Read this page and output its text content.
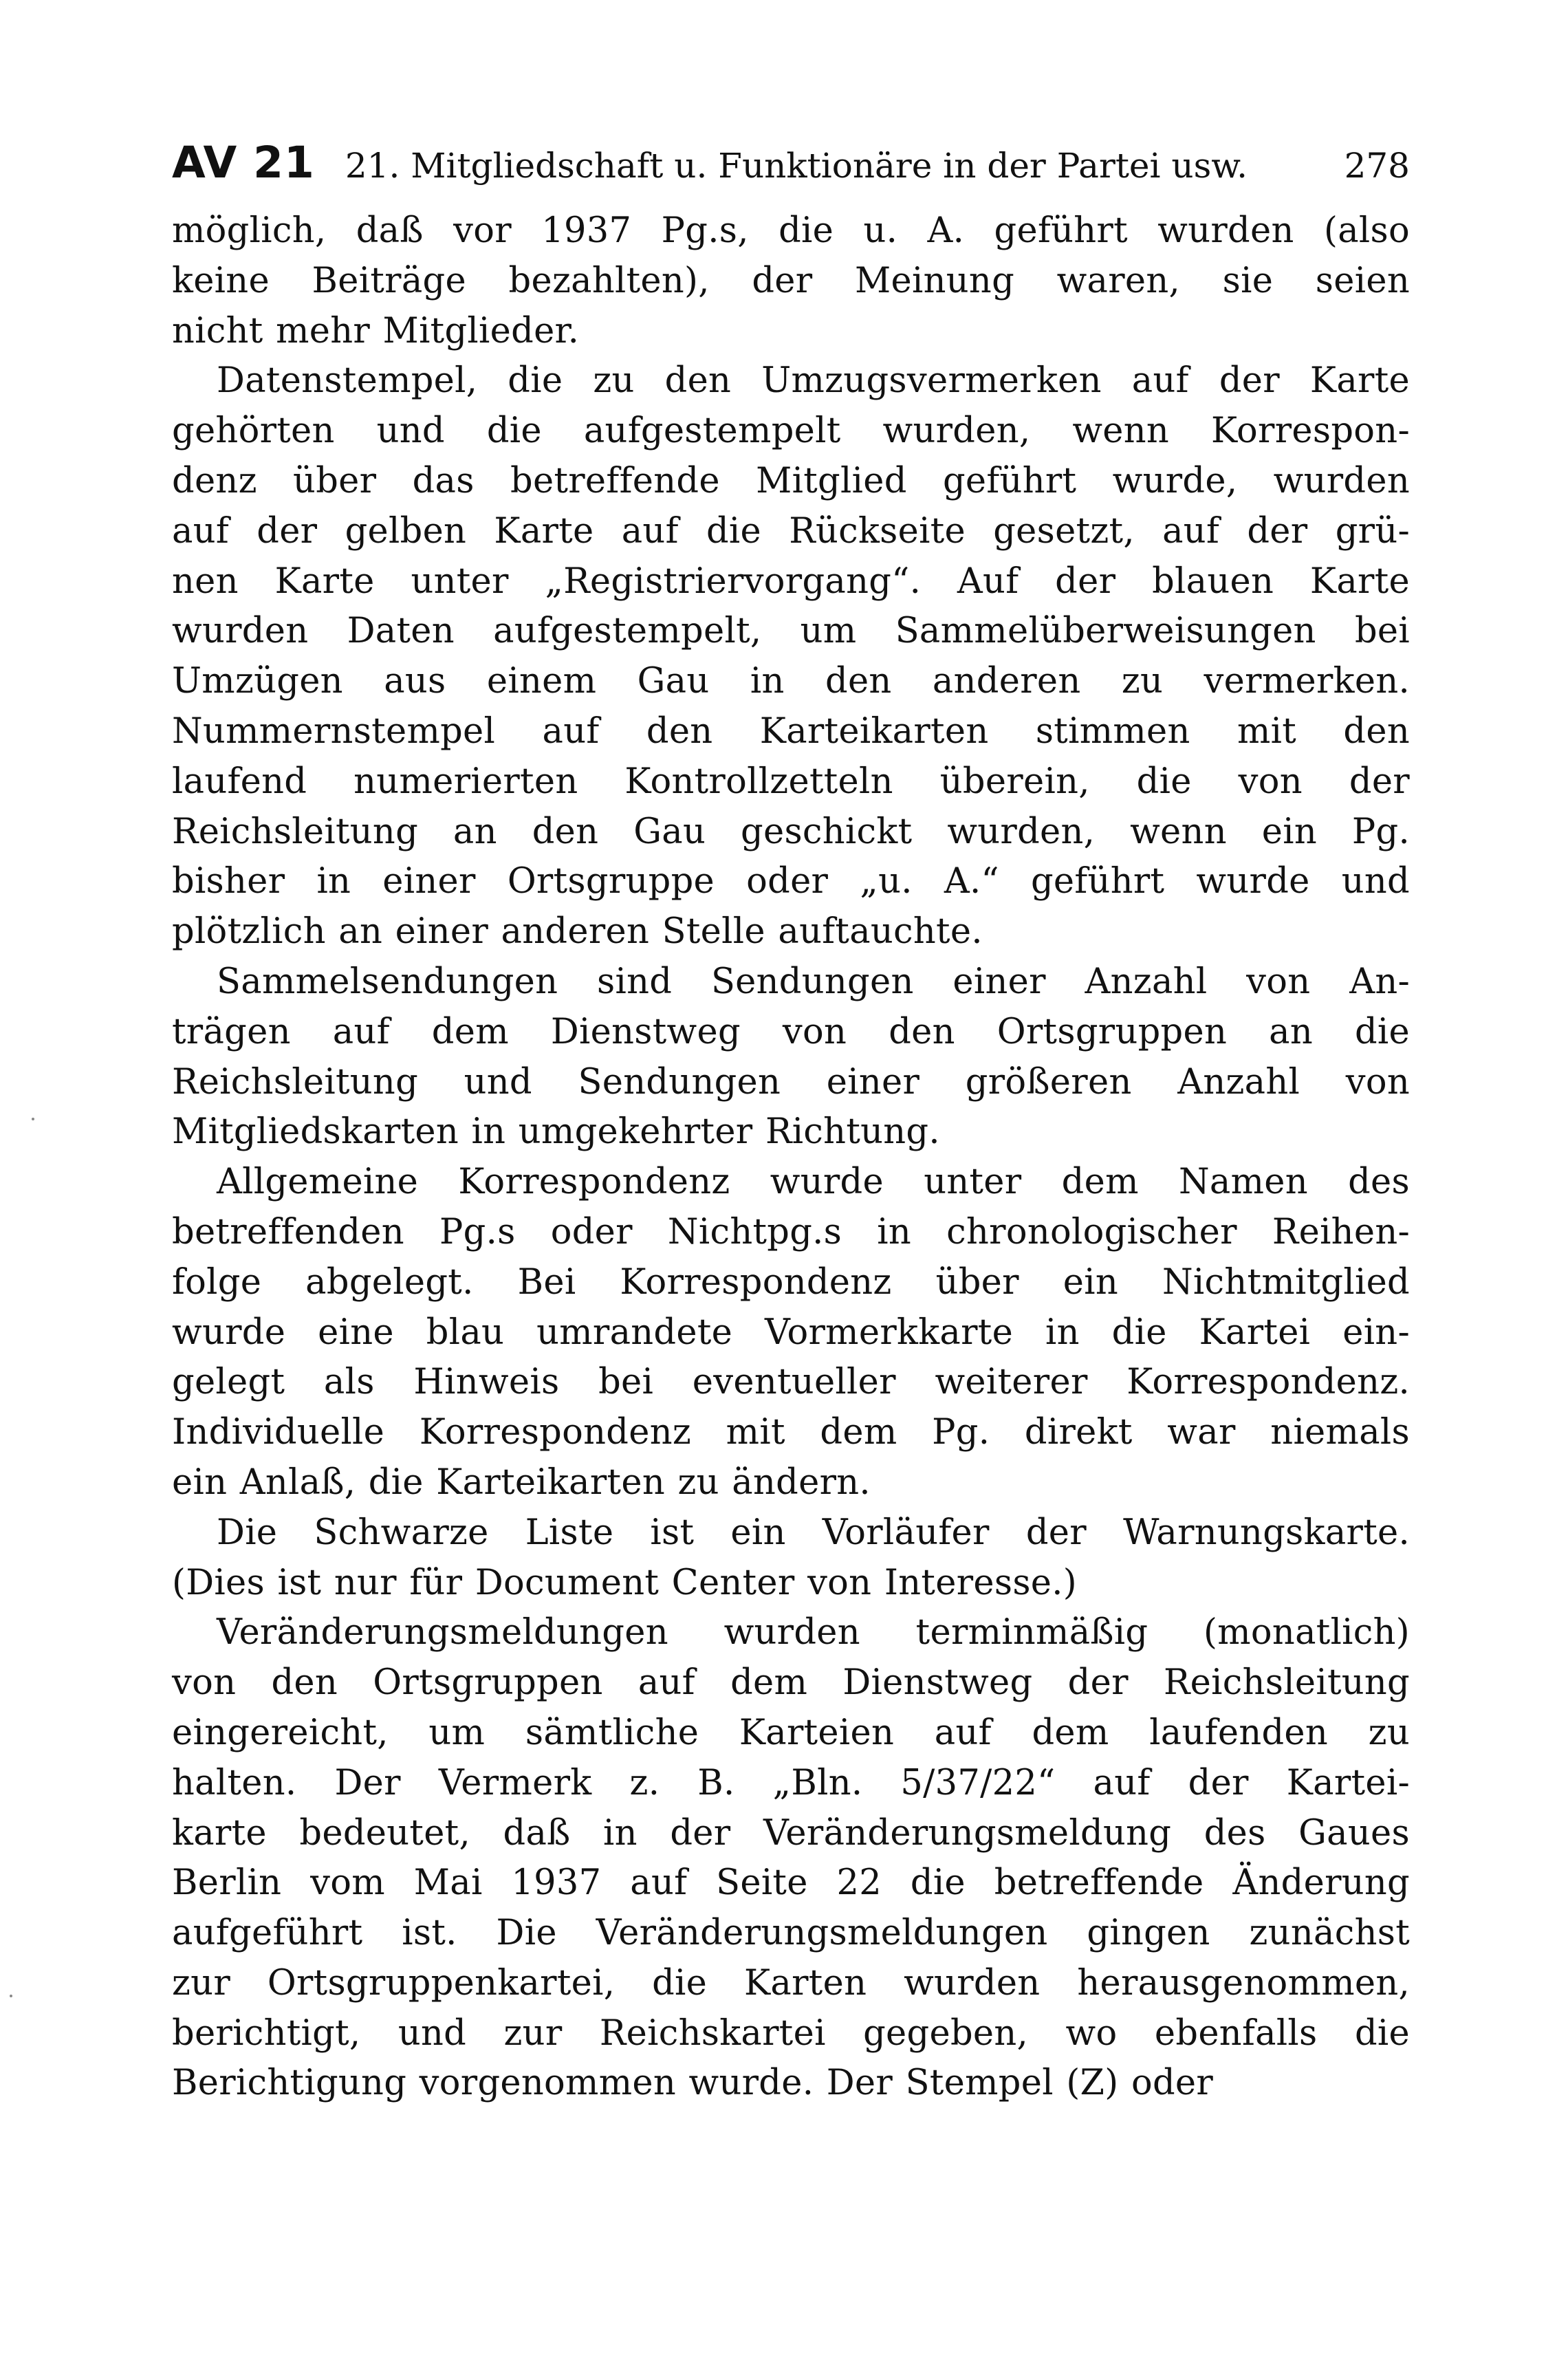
AV 21 21. Mitgliedschaft u. Funktionäre in der Partei usw.	278

möglich, daß vor 1937 Pg.s, die u. A. geführt wurden (also
keine Beiträge bezahlten), der Meinung waren, sie seien
nicht mehr Mitglieder.

Datenstempel, die zu den Umzugsvermerken auf der Karte
gehörten und die aufgestempelt wurden, wenn Korrespon-
denz über das betreffende Mitglied geführt wurde, wurden
auf der gelben Karte auf die Rückseite gesetzt, auf der grü-
nen Karte unter „Registriervorgang“. Auf der blauen Karte
wurden Daten aufgestempelt, um Sammelüberweisungen bei
Umzügen aus einem Gau in den anderen zu vermerken.
Nummernstempel auf den Karteikarten stimmen mit den
laufend numerierten Kontrollzetteln überein, die von der
Reichsleitung an den Gau geschickt wurden, wenn ein Pg.
bisher in einer Ortsgruppe oder „u. A.“ geführt wurde und
plötzlich an einer anderen Stelle auftauchte.

Sammelsendungen sind Sendungen einer Anzahl von An-
trägen auf dem Dienstweg von den Ortsgruppen an die
Reichsleitung und Sendungen einer größeren Anzahl von
Mitgliedskarten in umgekehrter Richtung.

Allgemeine Korrespondenz wurde unter dem Namen des
betreffenden Pg.s oder Nichtpg.s in chronologischer Reihen-
folge abgelegt. Bei Korrespondenz über ein Nichtmitglied
wurde eine blau umrandete Vormerkkarte in die Kartei ein-
gelegt als Hinweis bei eventueller weiterer Korrespondenz.
Individuelle Korrespondenz mit dem Pg. direkt war niemals
ein Anlaß, die Karteikarten zu ändern.

Die Schwarze Liste ist ein Vorläufer der Warnungskarte.
(Dies ist nur für Document Center von Interesse.)

Veränderungsmeldungen wurden terminmäßig (monatlich)
von den Ortsgruppen auf dem Dienstweg der Reichsleitung
eingereicht, um sämtliche Karteien auf dem laufenden zu
halten. Der Vermerk z. B. „Bln. 5/37/22“ auf der Kartei-
karte bedeutet, daß in der Veränderungsmeldung des Gaues
Berlin vom Mai 1937 auf Seite 22 die betreffende Änderung
aufgeführt ist. Die Veränderungsmeldungen gingen zunächst
zur Ortsgruppenkartei, die Karten wurden herausgenommen,
berichtigt, und zur Reichskartei gegeben, wo ebenfalls die
Berichtigung vorgenommen wurde. Der Stempel (Z) oder
